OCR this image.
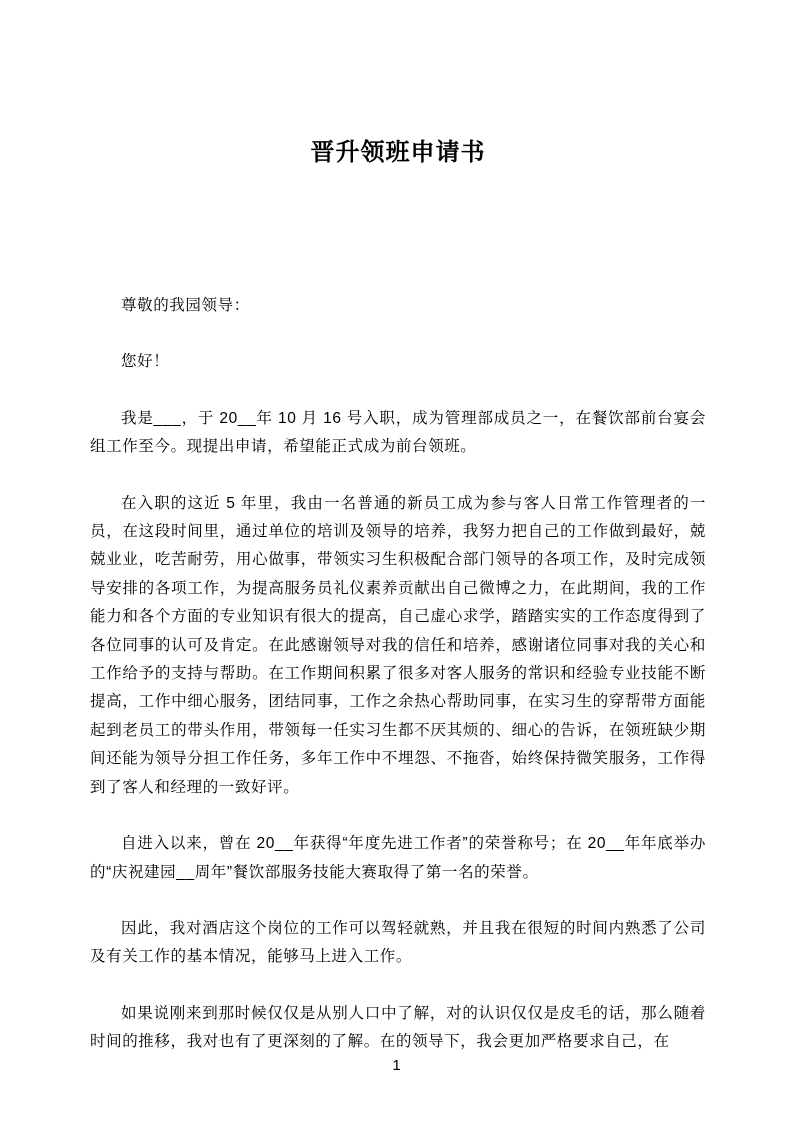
晋升领班申请书

尊敬的我园领导：

您好！

我是___，于 20__年 10 月 16 号入职，成为管理部成员之一，在餐饮部前台宴会组工作至今。现提出申请，希望能正式成为前台领班。

在入职的这近 5 年里，我由一名普通的新员工成为参与客人日常工作管理者的一员，在这段时间里，通过单位的培训及领导的培养，我努力把自己的工作做到最好，兢兢业业，吃苦耐劳，用心做事，带领实习生积极配合部门领导的各项工作，及时完成领导安排的各项工作，为提高服务员礼仪素养贡献出自己微博之力，在此期间，我的工作能力和各个方面的专业知识有很大的提高，自己虚心求学，踏踏实实的工作态度得到了各位同事的认可及肯定。在此感谢领导对我的信任和培养，感谢诸位同事对我的关心和工作给予的支持与帮助。在工作期间积累了很多对客人服务的常识和经验专业技能不断提高，工作中细心服务，团结同事，工作之余热心帮助同事，在实习生的穿帮带方面能起到老员工的带头作用，带领每一任实习生都不厌其烦的、细心的告诉，在领班缺少期间还能为领导分担工作任务，多年工作中不埋怨、不拖沓，始终保持微笑服务，工作得到了客人和经理的一致好评。

自进入以来，曾在 20__年获得“年度先进工作者”的荣誉称号；在 20__年年底举办的“庆祝建园__周年”餐饮部服务技能大赛取得了第一名的荣誉。

因此，我对酒店这个岗位的工作可以驾轻就熟，并且我在很短的时间内熟悉了公司及有关工作的基本情况，能够马上进入工作。

如果说刚来到那时候仅仅是从别人口中了解，对的认识仅仅是皮毛的话，那么随着时间的推移，我对也有了更深刻的了解。在的领导下，我会更加严格要求自己，在

1
